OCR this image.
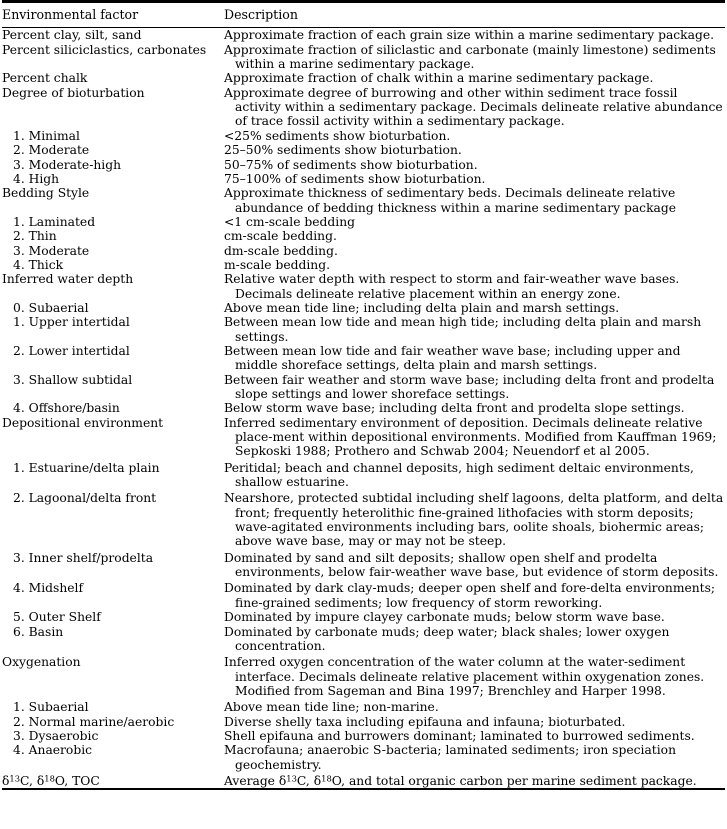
Environmental factor	Description
Percent clay, silt, sand	Approximate fraction of each grain size within a marine sedimentary package.
Percent siliciclastics, carbonates	Approximate fraction of siliclastic and carbonate (mainly limestone) sediments within a marine sedimentary package.
Percent chalk	Approximate fraction of chalk within a marine sedimentary package.
Degree of bioturbation	Approximate degree of burrowing and other within sediment trace fossil activity within a sedimentary package. Decimals delineate relative abundance of trace fossil activity within a sedimentary package.
1. Minimal	<25% sediments show bioturbation.
2. Moderate	25–50% sediments show bioturbation.
3. Moderate-high	50–75% of sediments show bioturbation.
4. High	75–100% of sediments show bioturbation.
Bedding Style	Approximate thickness of sedimentary beds. Decimals delineate relative abundance of bedding thickness within a marine sedimentary package
1. Laminated	<1 cm-scale bedding
2. Thin	cm-scale bedding.
3. Moderate	dm-scale bedding.
4. Thick	m-scale bedding.
Inferred water depth	Relative water depth with respect to storm and fair-weather wave bases. Decimals delineate relative placement within an energy zone.
0. Subaerial	Above mean tide line; including delta plain and marsh settings.
1. Upper intertidal	Between mean low tide and mean high tide; including delta plain and marsh settings.
2. Lower intertidal	Between mean low tide and fair weather wave base; including upper and middle shoreface settings, delta plain and marsh settings.
3. Shallow subtidal	Between fair weather and storm wave base; including delta front and prodelta slope settings and lower shoreface settings.
4. Offshore/basin	Below storm wave base; including delta front and prodelta slope settings.
Depositional environment	Inferred sedimentary environment of deposition. Decimals delineate relative place-ment within depositional environments. Modified from Kauffman 1969; Sepkoski 1988; Prothero and Schwab 2004; Neuendorf et al 2005.
1. Estuarine/delta plain	Peritidal; beach and channel deposits, high sediment deltaic environments, shallow estuarine.
2. Lagoonal/delta front	Nearshore, protected subtidal including shelf lagoons, delta platform, and delta front; frequently heterolithic fine-grained lithofacies with storm deposits; wave-agitated environments including bars, oolite shoals, biohermic areas; above wave base, may or may not be steep.
3. Inner shelf/prodelta	Dominated by sand and silt deposits; shallow open shelf and prodelta environments, below fair-weather wave base, but evidence of storm deposits.
4. Midshelf	Dominated by dark clay-muds; deeper open shelf and fore-delta environments; fine-grained sediments; low frequency of storm reworking.
5. Outer Shelf	Dominated by impure clayey carbonate muds; below storm wave base.
6. Basin	Dominated by carbonate muds; deep water; black shales; lower oxygen concentration.
Oxygenation	Inferred oxygen concentration of the water column at the water-sediment interface. Decimals delineate relative placement within oxygenation zones. Modified from Sageman and Bina 1997; Brenchley and Harper 1998.
1. Subaerial	Above mean tide line; non-marine.
2. Normal marine/aerobic	Diverse shelly taxa including epifauna and infauna; bioturbated.
3. Dysaerobic	Shell epifauna and burrowers dominant; laminated to burrowed sediments.
4. Anaerobic	Macrofauna; anaerobic S-bacteria; laminated sediments; iron speciation geochemistry.
$\delta^{13}C$, $\delta^{18}O$, TOC	Average $\delta^{13}C$, $\delta^{18}O$, and total organic carbon per marine sediment package.
